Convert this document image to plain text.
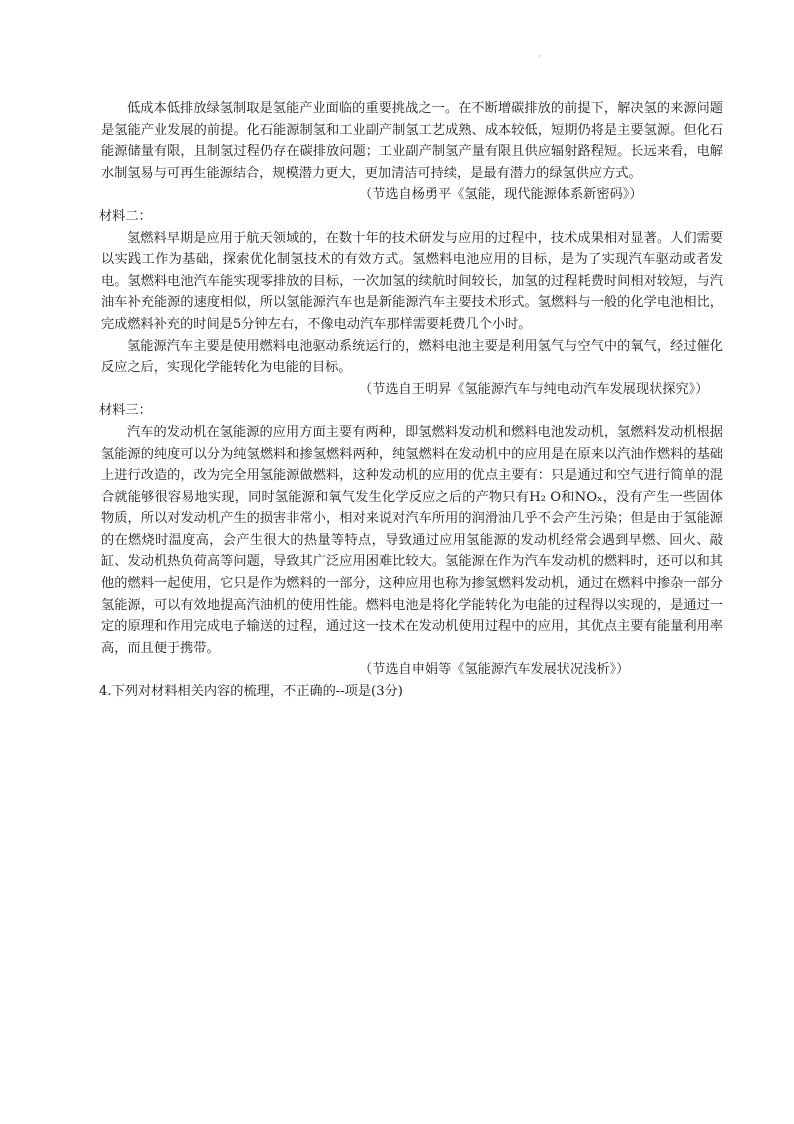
'

低成本低排放绿氢制取是氢能产业面临的重要挑战之一。在不断增碳排放的前提下，解决氢的来源问题是氢能产业发展的前提。化石能源制氢和工业副产制氢工艺成熟、成本较低，短期仍将是主要氢源。但化石能源储量有限，且制氢过程仍存在碳排放问题；工业副产制氢产量有限且供应辐射路程短。长远来看，电解水制氢易与可再生能源结合，规模潜力更大，更加清洁可持续，是最有潜力的绿氢供应方式。

（节选自杨勇平《氢能，现代能源体系新密码》）

材料二：

氢燃料早期是应用于航天领域的，在数十年的技术研发与应用的过程中，技术成果相对显著。人们需要以实践工作为基础，探索优化制氢技术的有效方式。氢燃料电池应用的目标，是为了实现汽车驱动或者发电。氢燃料电池汽车能实现零排放的目标，一次加氢的续航时间较长，加氢的过程耗费时间相对较短，与汽油车补充能源的速度相似，所以氢能源汽车也是新能源汽车主要技术形式。氢燃料与一般的化学电池相比，完成燃料补充的时间是5分钟左右，不像电动汽车那样需要耗费几个小时。

氢能源汽车主要是使用燃料电池驱动系统运行的，燃料电池主要是利用氢气与空气中的氧气，经过催化反应之后，实现化学能转化为电能的目标。

（节选自王明昇《氢能源汽车与纯电动汽车发展现状探究》）

材料三：

汽车的发动机在氢能源的应用方面主要有两种，即氢燃料发动机和燃料电池发动机，氢燃料发动机根据氢能源的纯度可以分为纯氢燃料和掺氢燃料两种，纯氢燃料在发动机中的应用是在原来以汽油作燃料的基础上进行改造的，改为完全用氢能源做燃料，这种发动机的应用的优点主要有：只是通过和空气进行简单的混合就能够很容易地实现，同时氢能源和氧气发生化学反应之后的产物只有H₂ O和NOₓ，没有产生一些固体物质，所以对发动机产生的损害非常小，相对来说对汽车所用的润滑油几乎不会产生污染；但是由于氢能源的在燃烧时温度高，会产生很大的热量等特点，导致通过应用氢能源的发动机经常会遇到早燃、回火、敲缸、发动机热负荷高等问题，导致其广泛应用困难比较大。氢能源在作为汽车发动机的燃料时，还可以和其他的燃料一起使用，它只是作为燃料的一部分，这种应用也称为掺氢燃料发动机，通过在燃料中掺杂一部分氢能源，可以有效地提高汽油机的使用性能。燃料电池是将化学能转化为电能的过程得以实现的，是通过一定的原理和作用完成电子输送的过程，通过这一技术在发动机使用过程中的应用，其优点主要有能量利用率高，而且便于携带。

（节选自申娟等《氢能源汽车发展状况浅析》）

4.下列对材料相关内容的梳理，不正确的--项是(3分)
